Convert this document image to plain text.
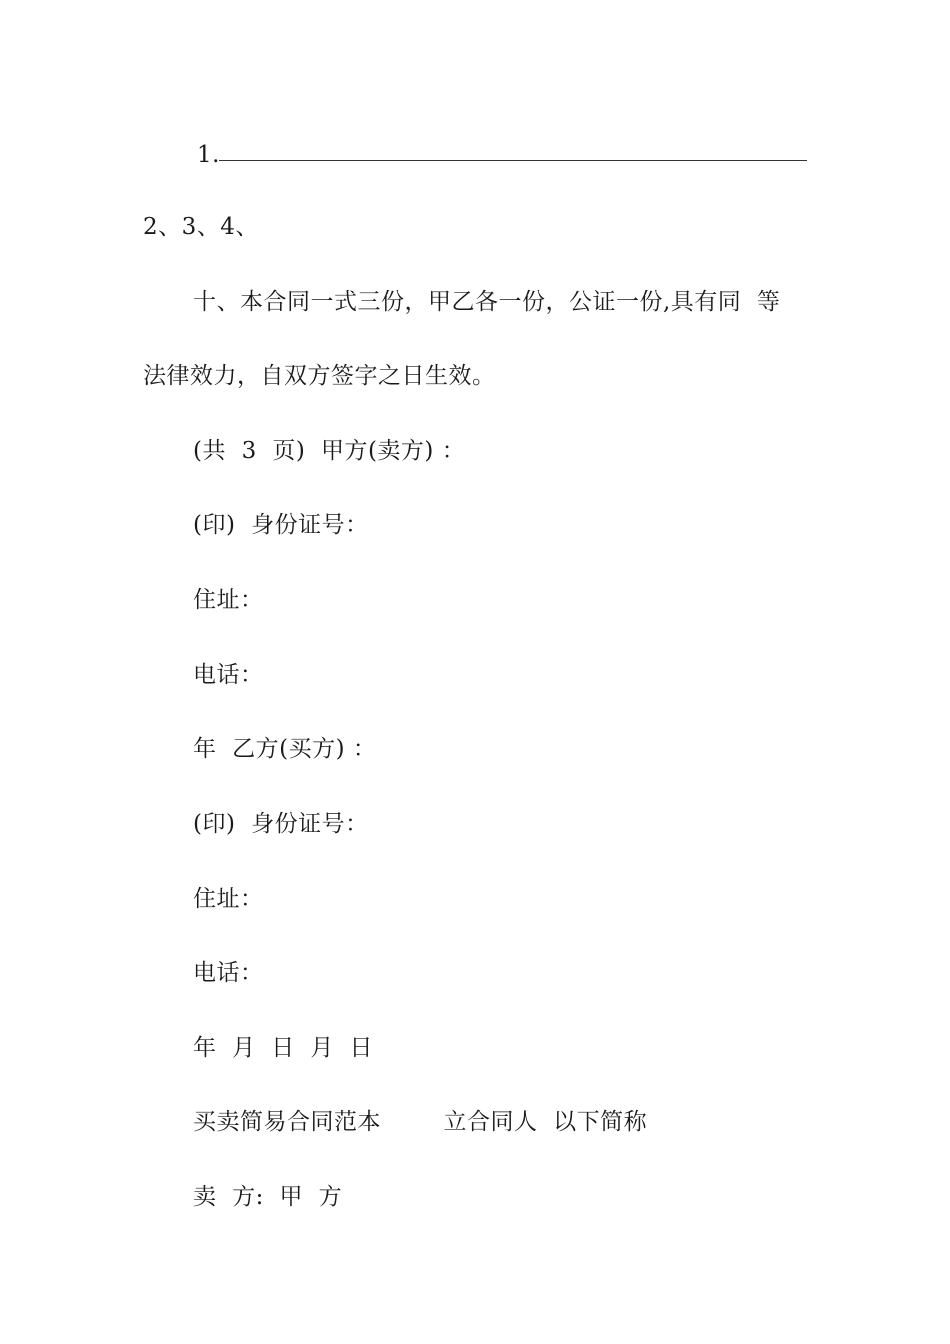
1.
2、3、4、
十、本合同一式三份，甲乙各一份，公证一份,具有同  等
法律效力，自双方签字之日生效。
(共  3  页)  甲方(卖方) ：
(印)  身份证号：
住址：
电话：
年  乙方(买方) ：
(印)  身份证号：
住址：
电话：
年  月  日  月  日
买卖简易合同范本        立合同人  以下简称
卖  方:  甲  方
